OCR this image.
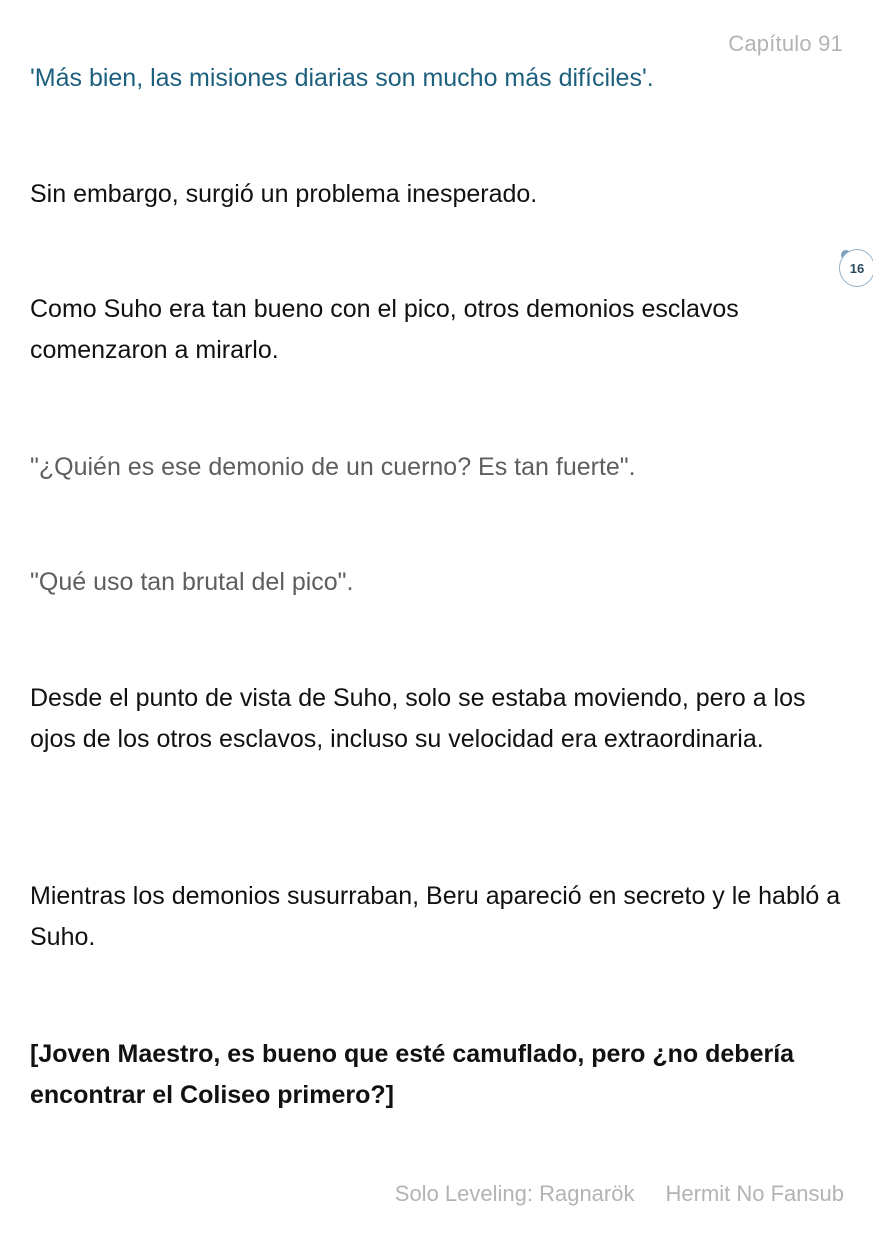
Capítulo 91

'Más bien, las misiones diarias son mucho más difíciles'.

Sin embargo, surgió un problema inesperado.

Como Suho era tan bueno con el pico, otros demonios esclavos comenzaron a mirarlo.

"¿Quién es ese demonio de un cuerno? Es tan fuerte".

"Qué uso tan brutal del pico".

Desde el punto de vista de Suho, solo se estaba moviendo, pero a los ojos de los otros esclavos, incluso su velocidad era extraordinaria.

Mientras los demonios susurraban, Beru apareció en secreto y le habló a Suho.

[Joven Maestro, es bueno que esté camuflado, pero ¿no debería encontrar el Coliseo primero?]

16
Solo Leveling: Ragnarök Hermit No Fansub
